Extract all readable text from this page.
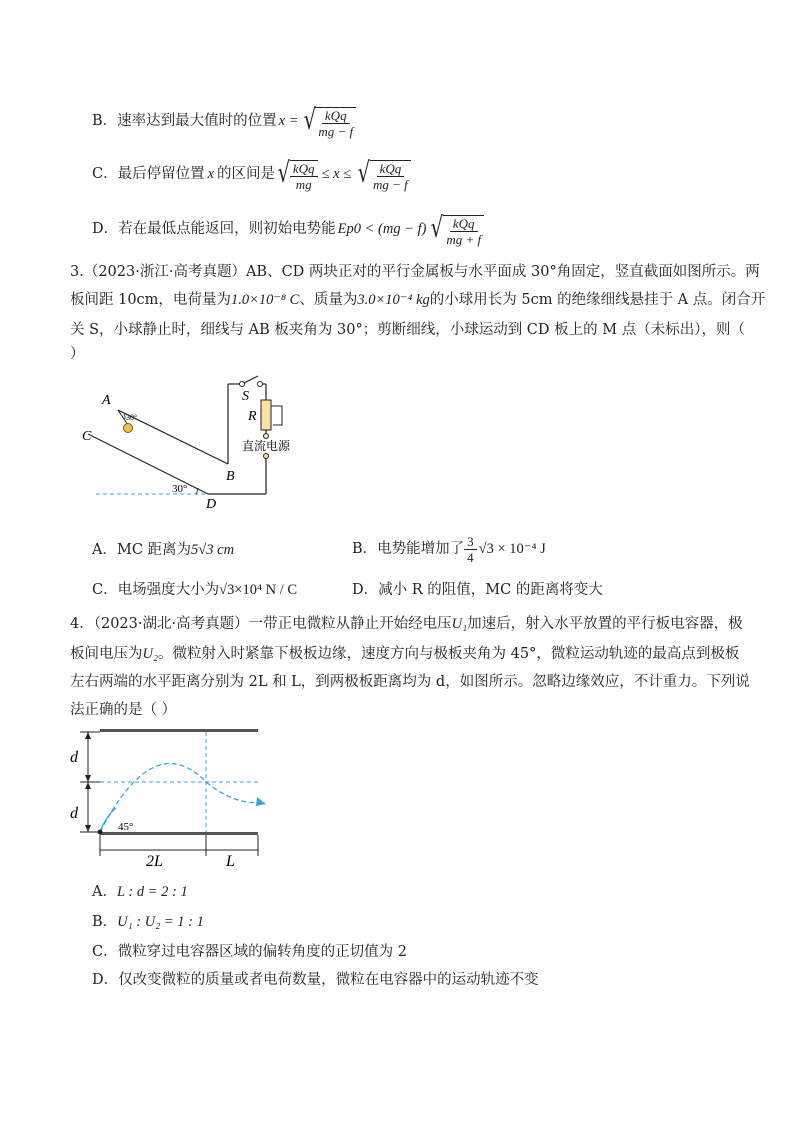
B． 速率达到最大值时的位置 x = √ $\frac{\text{kQq}}{mg - f}$
C． 最后停留位置 x 的区间是 √ $\frac{\text{kQq}}{mg} \le x$ ≤ √ $\frac{\text{kQq}}{mg - f}$
D． 若在最低点能返回，则初始电势能 Ep0 < (mg − f) √ $\frac{\text{kQq}}{mg + f}$
3.（2023·浙江·高考真题）AB、CD 两块正对的平行金属板与水平面成 30°角固定，竖直截面如图所示。两
板间距 10cm，电荷量为1.0×10⁻⁸ C、质量为3.0×10⁻⁴ kg的小球用长为 5cm 的绝缘细线悬挂于 A 点。闭合开
关 S，小球静止时，细线与 AB 板夹角为 30°；剪断细线，小球运动到 CD 板上的 M 点（未标出），则（
）
A
30°
C
B
S
R
30°
D
直流电源
A．MC 距离为5√3 cm	B． 电势能增加了 $\frac{3}{4} √3 \times 10^{-4}$ J
C．电场强度大小为√3×10⁴ N / C	D．减小 R 的阻值，MC 的距离将变大
4．（2023·湖北·高考真题）一带正电微粒从静止开始经电压U₁加速后，射入水平放置的平行板电容器，极
板间电压为U₂。微粒射入时紧靠下极板边缘，速度方向与极板夹角为 45°，微粒运动轨迹的最高点到极板
左右两端的水平距离分别为 2L 和 L，到两极板距离均为 d，如图所示。忽略边缘效应，不计重力。下列说
法正确的是（ ）
d
d
45°
2L	L
A．L : d = 2 : 1
B．U₁ : U₂ = 1 : 1
C．微粒穿过电容器区域的偏转角度的正切值为 2
D．仅改变微粒的质量或者电荷数量，微粒在电容器中的运动轨迹不变
